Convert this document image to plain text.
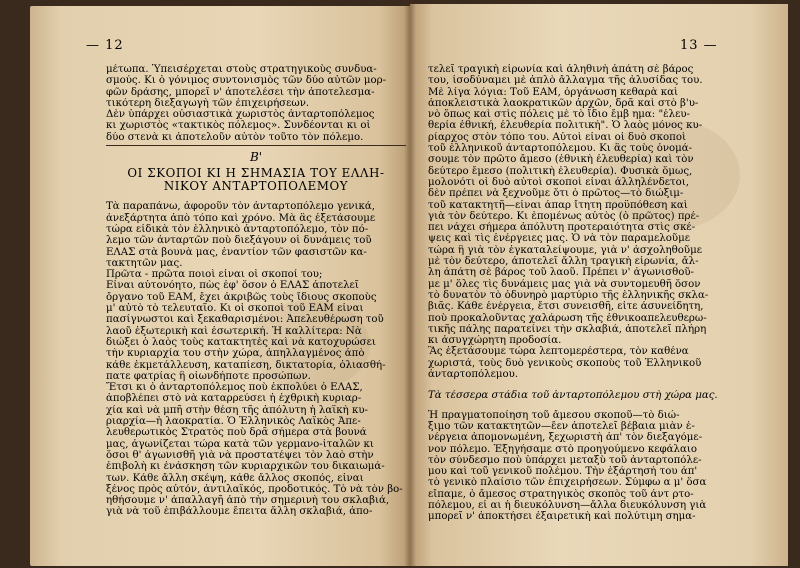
— 12	13 —

μέτωπα. Ὑπεισέρχεται στοὺς στρατηγικοὺς συνδυα-

σμούς. Κι ὁ γόνιμος συντονισμὸς τῶν δύο αὐτῶν μορ-

φῶν δράσης, μπορεῖ ν' ἀποτελέσει τὴν ἀποτελεσμα-

τικότερη διεξαγωγὴ τῶν ἐπιχειρήσεων.

Δὲν ὑπάρχει οὐσιαστικὰ χωριστὸς ἀνταρτοπόλεμος

κι χωριστὸς «τακτικὸς πόλεμος». Συνδέονται κι οἱ

δύο στενὰ κι ἀποτελοῦν αὐτὸν τοῦτο τὸν πόλεμο.

Β'

ΟΙ ΣΚΟΠΟΙ ΚΙ Η ΣΗΜΑΣΙΑ ΤΟΥ ΕΛΛΗ-

ΝΙΚΟΥ ΑΝΤΑΡΤΟΠΟΛΕΜΟΥ

Τὰ παραπάνω, ἀφοροῦν τὸν ἀνταρτοπόλεμο γενικά,

ἀνεξάρτητα ἀπὸ τόπο καὶ χρόνο. Μὰ ἂς ἐξετάσουμε

τώρα εἰδικὰ τὸν ἑλληνικὸ ἀνταρτοπόλεμο, τὸν πό-

λεμο τῶν ἀνταρτῶν ποὺ διεξάγουν οἱ δυνάμεις τοῦ

ΕΛΑΣ στὰ βουνὰ μας, ἐναντίον τῶν φασιστῶν κα-

τακτητῶν μας.

Πρῶτα - πρῶτα ποιοὶ εἶναι οἱ σκοποί του;

Εἶναι αὐτονόητο, πὼς ἐφ' ὅσον ὁ ΕΛΑΣ ἀποτελεῖ

ὄργανο τοῦ ΕΑΜ, ἔχει ἀκριβῶς τοὺς ἴδιους σκοποὺς

μ' αὐτὸ τὸ τελευταῖο. Κι οἱ σκοποὶ τοῦ ΕΑΜ εἶναι

πασίγνωστοι καὶ ξεκαθαρισμένοι: Ἀπελευθέρωση τοῦ

λαοῦ ἐξωτερικὴ καὶ ἐσωτερική. Ἡ καλλίτερα: Νὰ

διώξει ὁ λαὸς τοὺς κατακτητὲς καὶ νὰ κατοχυρώσει

τὴν κυριαρχία του στὴν χώρα, ἀπηλλαγμένος ἀπὸ

κάθε ἐκμετάλλευση, καταπίεση, δικτατορία, ὀλιασθή-

πατε φατρίας ἢ οἰωνδήποτε προσώπων.

Ἔτσι κι ὁ ἀνταρτοπόλεμος ποὺ ἐκπολύει ὁ ΕΛΑΣ,

ἀποβλέπει στὸ νὰ καταρρεύσει ἡ ἐχθρικὴ κυριαρ-

χία καὶ νὰ μπῆ στὴν θέση τῆς ἀπόλυτη ἡ λαϊκὴ κυ-

ριαρχία—ἡ λαοκρατία. Ὁ Ἑλληνικὸς Λαϊκὸς Ἀπε-

λευθερωτικὸς Στρατὸς ποὺ δρᾶ σήμερα στὰ βουνά

μας, ἀγωνίζεται τώρα κατὰ τῶν γερμανο-ἰταλῶν κι

ὅσοι θ' ἀγωνισθῆ γιὰ νὰ προστατέψει τὸν λαὸ στὴν

ἐπιβολὴ κι ἐνάσκηση τῶν κυριαρχικῶν του δικαιωμά-

των. Κάθε ἄλλη σκέψη, κάθε ἄλλος σκοπός, εἶναι

ξένος πρὸς αὐτόν, ἀντιλαϊκός, προδοτικός. Τὸ νὰ τὸν βο-

ηθήσουμε ν' ἀπαλλαγῆ ἀπὸ τὴν σημερινὴ του σκλαβιά,

γιὰ νὰ τοῦ ἐπιβάλλουμε ἔπειτα ἄλλη σκλαβιά, ἀπο-

τελεῖ τραγικὴ εἰρωνία καὶ ἀληθινὴ ἀπάτη σὲ βάρος

του, ἰσοδύναμει μὲ ἁπλὸ ἄλλαγμα τῆς ἁλυσίδας του.

Μὲ λίγα λόγια: Τοῦ ΕΑΜ, ὀργάνωση κεθαρὰ καὶ

ἀποκλειστικὰ λαοκρατικῶν ἀρχῶν, δρᾶ καὶ στὸ β'υ-

νὸ ὅπως καὶ στὶς πόλεις μὲ τὸ ἴδιο ἔμβ ημα: "ἐλευ-

θερία ἐθνική, ἐλευθερία πολιτική". Ὁ λαὸς μόνος κυ-

ρίαρχος στὸν τόπο του. Αὐτοὶ εἶναι οἱ δυὸ σκοποὶ

τοῦ ἑλληνικοῦ ἀνταρτοπόλεμου. Κι ἂς τοὺς ὀνομά-

σουμε τὸν πρῶτο ἄμεσο (ἐθνικὴ ἐλευθερία) καὶ τὸν

δεύτερο ἔμεσο (πολιτικὴ ἐλευθερία). Φυσικὰ ὅμως,

μολονότι οἱ δυὸ αὐτοὶ σκοποὶ εἶναι ἀλληλένδετοι,

δὲν πρέπει νὰ ξεχνοῦμε ὅτι ὁ πρῶτος—τὸ διώξιμ-

τοῦ κατακτητῆ—εἶναι ἀπαρ ἴτητη προϋπόθεση καὶ

γιὰ τὸν δεύτερο. Κι ἑπομένως αὐτὸς (ὁ πρῶτος) πρέ-

πει νάχει σήμερα ἀπόλυτη προτεραιότητα στὶς σκέ-

ψεις καὶ τὶς ἐνέργειες μας. Ὁ νὰ τὸν παραμελοῦμε

τώρα ἢ γιὰ τὸν ἐγκαταλείψουμε, γιὰ ν' ἀσχοληθοῦμε

μὲ τὸν δεύτερο, ἀποτελεῖ ἄλλη τραγικὴ εἰρωνία, ἄλ-

λη ἀπάτη σὲ βάρος τοῦ λαοῦ. Πρέπει ν' ἀγωνισθοῦ-

με μ' ὅλες τὶς δυνάμεις μας γιὰ νὰ συντομευθῆ ὅσον

τὸ δυνατὸν τὸ ὀδυνηρὸ μαρτύριο τῆς ἑλληνικῆς σκλα-

βιᾶς. Κάθε ἐνέργεια, ἔτσι συνεισθῆ, εἶτε ἀσυνείδητη,

ποὺ προκαλοῦντας χαλάρωση τῆς ἐθνικοαπελευθερω-

τικῆς πάλης παρατείνει τὴν σκλαβιά, ἀποτελεῖ πλήρη

κι ἀσυγχώρητη προδοσία.

Ἂς ἐξετάσουμε τώρα λεπτομερέστερα, τὸν καθένα

χωριστά, τοὺς δυὸ γενικοὺς σκοποὺς τοῦ Ἑλληνικοῦ

ἀνταρτοπόλεμου.

Τὰ τέσσερα στάδια τοῦ ἀνταρτοπόλεμου στὴ χώρα μας.

Ἡ πραγματοποίηση τοῦ ἄμεσου σκοποῦ—τὸ διώ-

ξιμο τῶν κατακτητῶν—ἔεν ἀποτελεῖ βέβαια μιὰν ἐ-

νέργεια ἀπομονωμένη, ξεχωριστὴ ἀπ' τὸν διεξαγόμε-

νον πόλεμο. Ἐξηγήσαμε στὸ προηγούμενο κεφάλαιο

τὸν σύνδεσμο ποὺ ὑπάρχει μεταξὺ τοῦ ἀνταρτοπόλε-

μου καὶ τοῦ γενικοῦ πολέμου. Τὴν ἐξάρτησή του ἀπ'

τὸ γενικὸ πλαίσιο τῶν ἐπιχειρήσεων. Σύμφω α μ' ὅσα

εἴπαμε, ὁ ἄμεσος στρατηγικὸς σκοπὸς τοῦ ἀντ ρτο-

πόλεμου, εἰ αι ἡ διευκόλυνση—ἄλλα διευκόλυνση γιὰ

μπορεῖ ν' ἀποκτήσει ἐξαιρετικὴ καὶ πολύτιμη σημα-
